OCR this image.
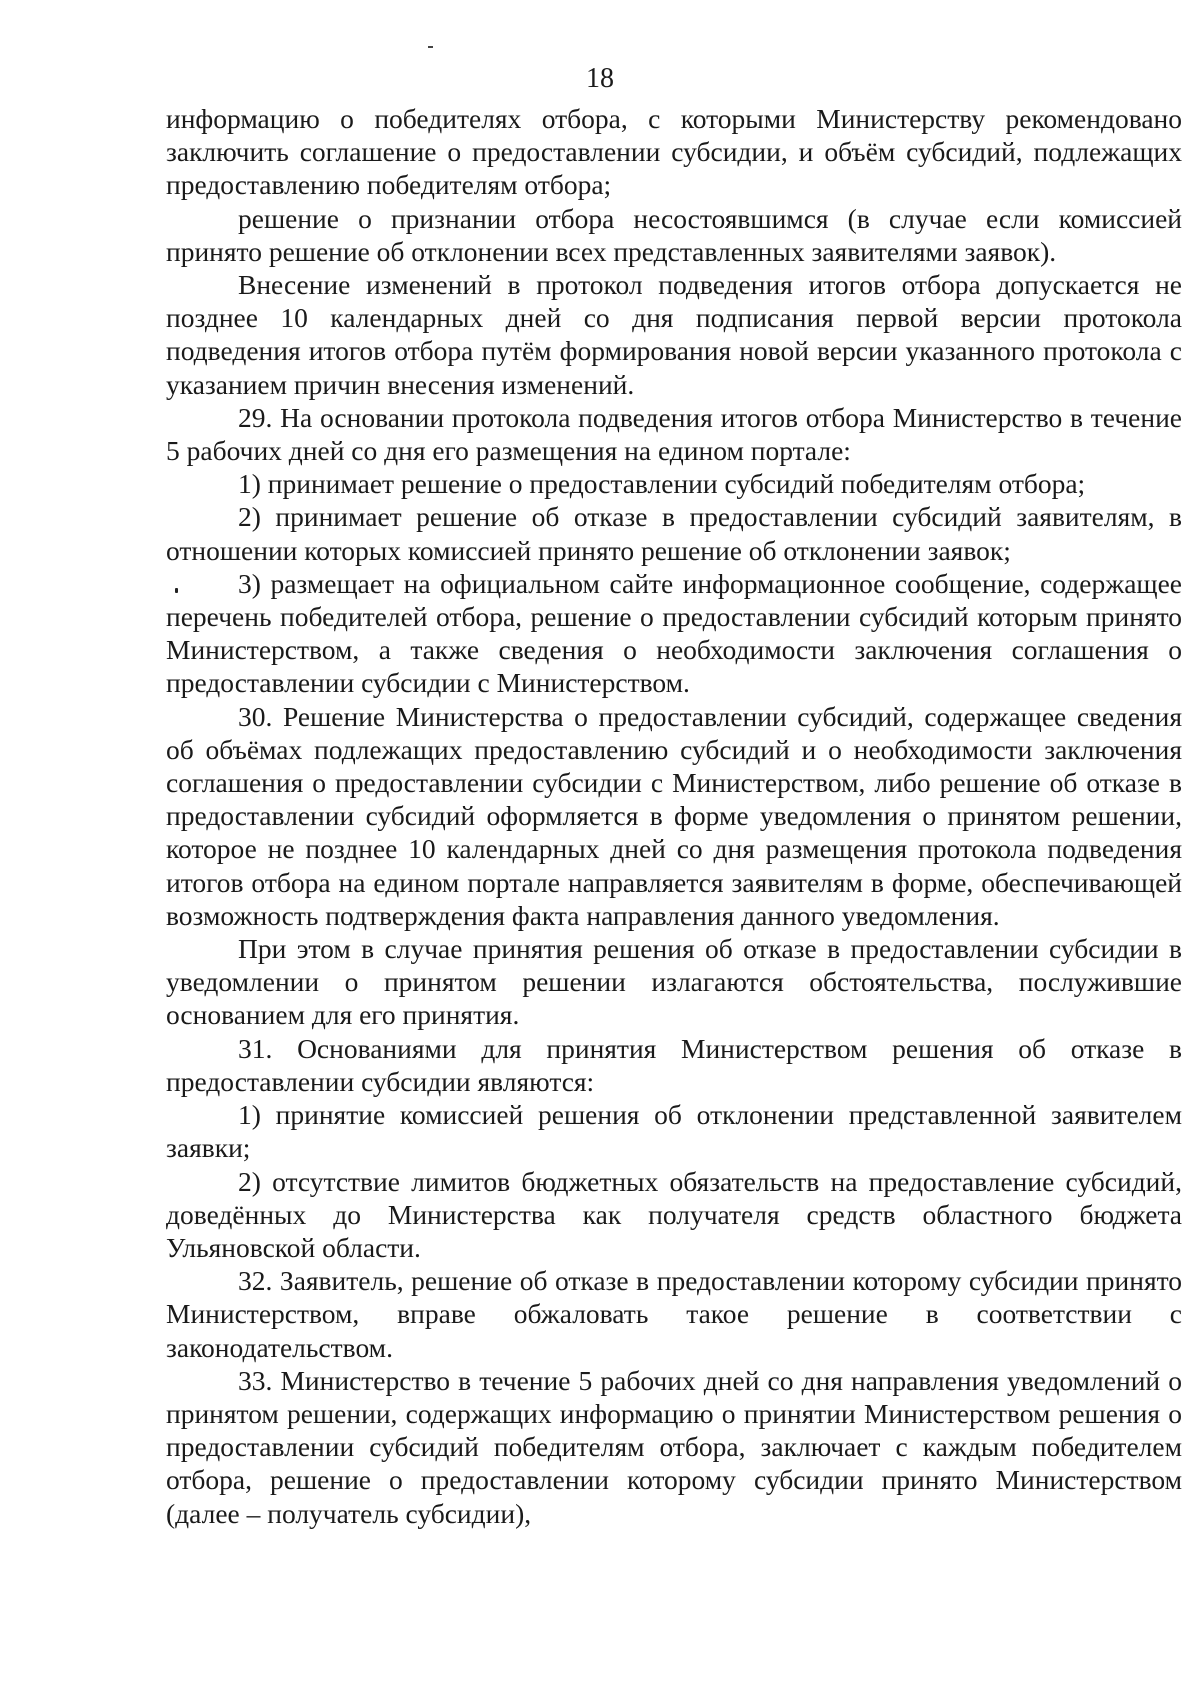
18

информацию о победителях отбора, с которыми Министерству рекомендовано заключить соглашение о предоставлении субсидии, и объём субсидий, подлежащих предоставлению победителям отбора;

решение о признании отбора несостоявшимся (в случае если комиссией принято решение об отклонении всех представленных заявителями заявок).

Внесение изменений в протокол подведения итогов отбора допускается не позднее 10 календарных дней со дня подписания первой версии протокола подведения итогов отбора путём формирования новой версии указанного протокола с указанием причин внесения изменений.

29. На основании протокола подведения итогов отбора Министерство в течение 5 рабочих дней со дня его размещения на едином портале:

1) принимает решение о предоставлении субсидий победителям отбора;

2) принимает решение об отказе в предоставлении субсидий заявителям, в отношении которых комиссией принято решение об отклонении заявок;

3) размещает на официальном сайте информационное сообщение, содержащее перечень победителей отбора, решение о предоставлении субсидий которым принято Министерством, а также сведения о необходимости заключения соглашения о предоставлении субсидии с Министерством.

30. Решение Министерства о предоставлении субсидий, содержащее сведения об объёмах подлежащих предоставлению субсидий и о необходимости заключения соглашения о предоставлении субсидии с Министерством, либо решение об отказе в предоставлении субсидий оформляется в форме уведомления о принятом решении, которое не позднее 10 календарных дней со дня размещения протокола подведения итогов отбора на едином портале направляется заявителям в форме, обеспечивающей возможность подтверждения факта направления данного уведомления.

При этом в случае принятия решения об отказе в предоставлении субсидии в уведомлении о принятом решении излагаются обстоятельства, послужившие основанием для его принятия.

31. Основаниями для принятия Министерством решения об отказе в предоставлении субсидии являются:

1) принятие комиссией решения об отклонении представленной заявителем заявки;

2) отсутствие лимитов бюджетных обязательств на предоставление субсидий, доведённых до Министерства как получателя средств областного бюджета Ульяновской области.

32. Заявитель, решение об отказе в предоставлении которому субсидии принято Министерством, вправе обжаловать такое решение в соответствии с законодательством.

33. Министерство в течение 5 рабочих дней со дня направления уведомлений о принятом решении, содержащих информацию о принятии Министерством решения о предоставлении субсидий победителям отбора, заключает с каждым победителем отбора, решение о предоставлении которому субсидии принято Министерством (далее – получатель субсидии),
